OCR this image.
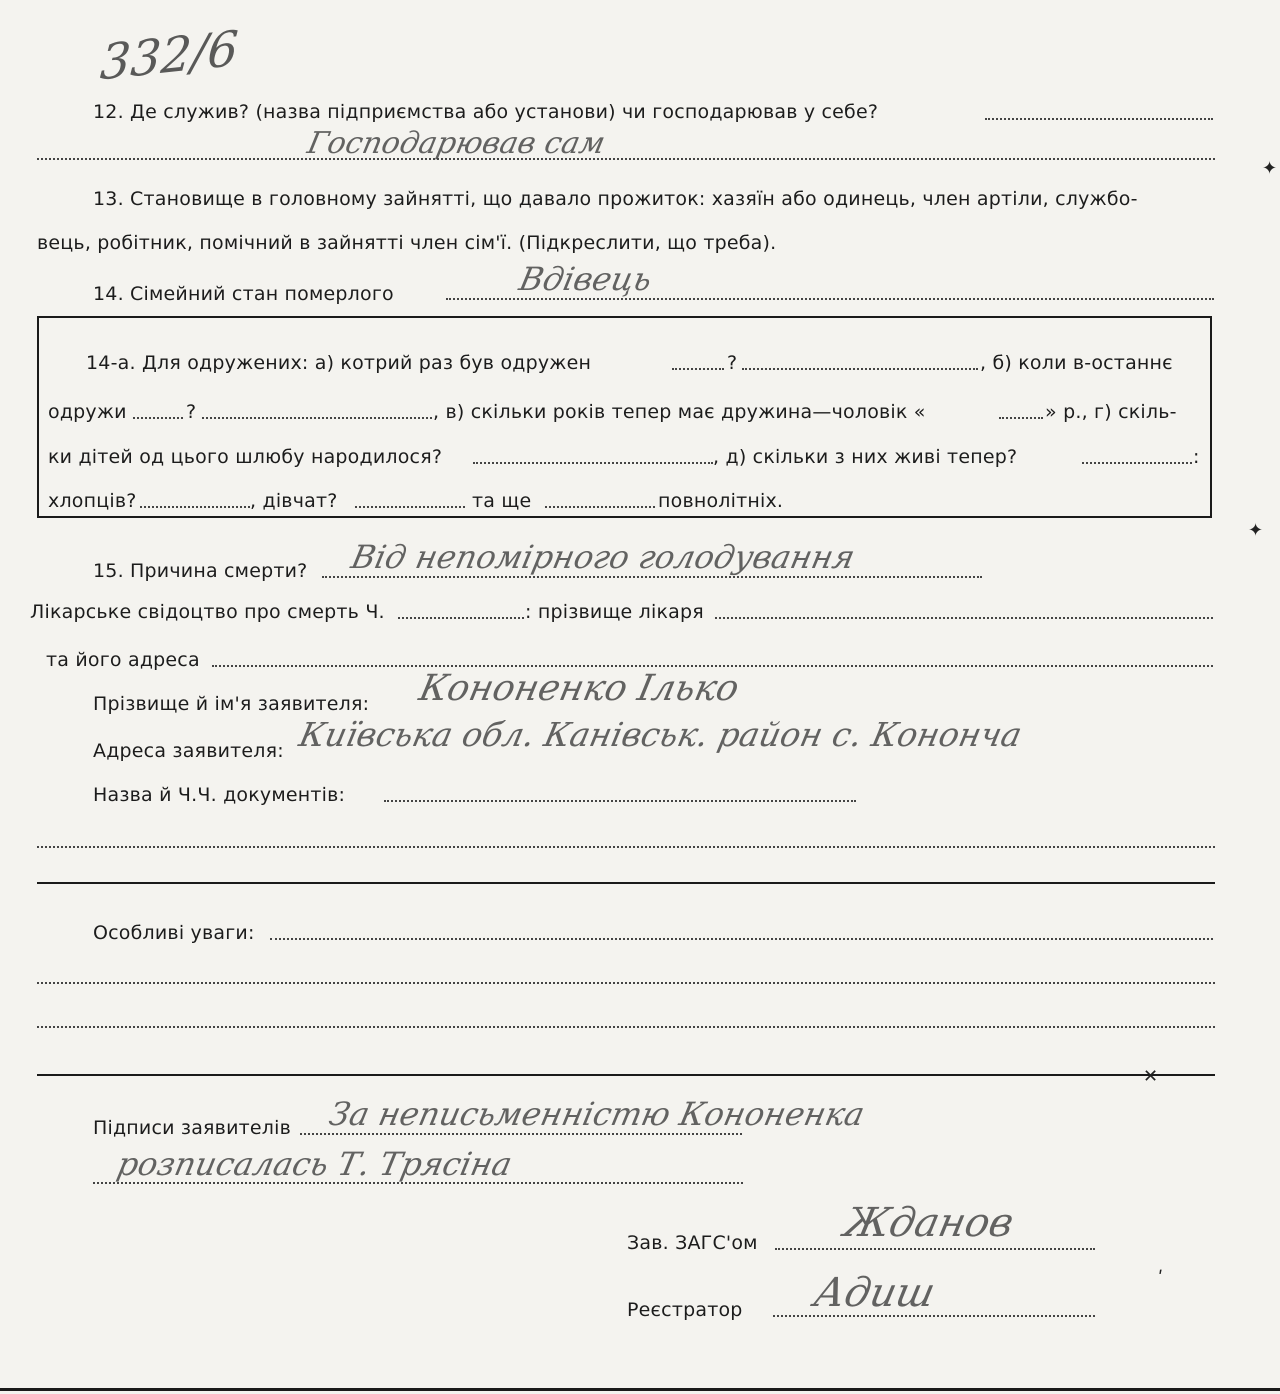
332/6
12. Де служив? (назва підприємства або установи) чи господарював у себе?
Господарював сам
13. Становище в головному зайнятті, що давало прожиток: хазяїн або одинець, член артіли, службо-
вець, робітник, помічний в зайнятті член сім'ї. (Підкреслити, що треба).
14. Сімейний стан померлого	Вдівець
14-а. Для одружених: а) котрий раз був одружен	?	, б) коли в-останнє
одружи	?	, в) скільки років тепер має дружина—чоловік «	» р., г) скіль-
ки дітей од цього шлюбу народилося?	, д) скільки з них живі тепер?	:
хлопців?	, дівчат?	та ще	повнолітніх.
15. Причина смерти? Від непомірного голодування
Лікарське свідоцтво про смерть Ч.	: прізвище лікаря
та його адреса
Прізвище й ім'я заявителя: Кононенко Ілько
Адреса заявителя: Київська обл. Канівськ. район с. Кононча
Назва й Ч.Ч. документів:
Особливі уваги:
Підписи заявителів За неписьменністю Кононенка
розписалась Т. Трясіна
Зав. ЗАГС'ом Жданов
Реєстратор Адиш
✦
✦
✕
ʹ
